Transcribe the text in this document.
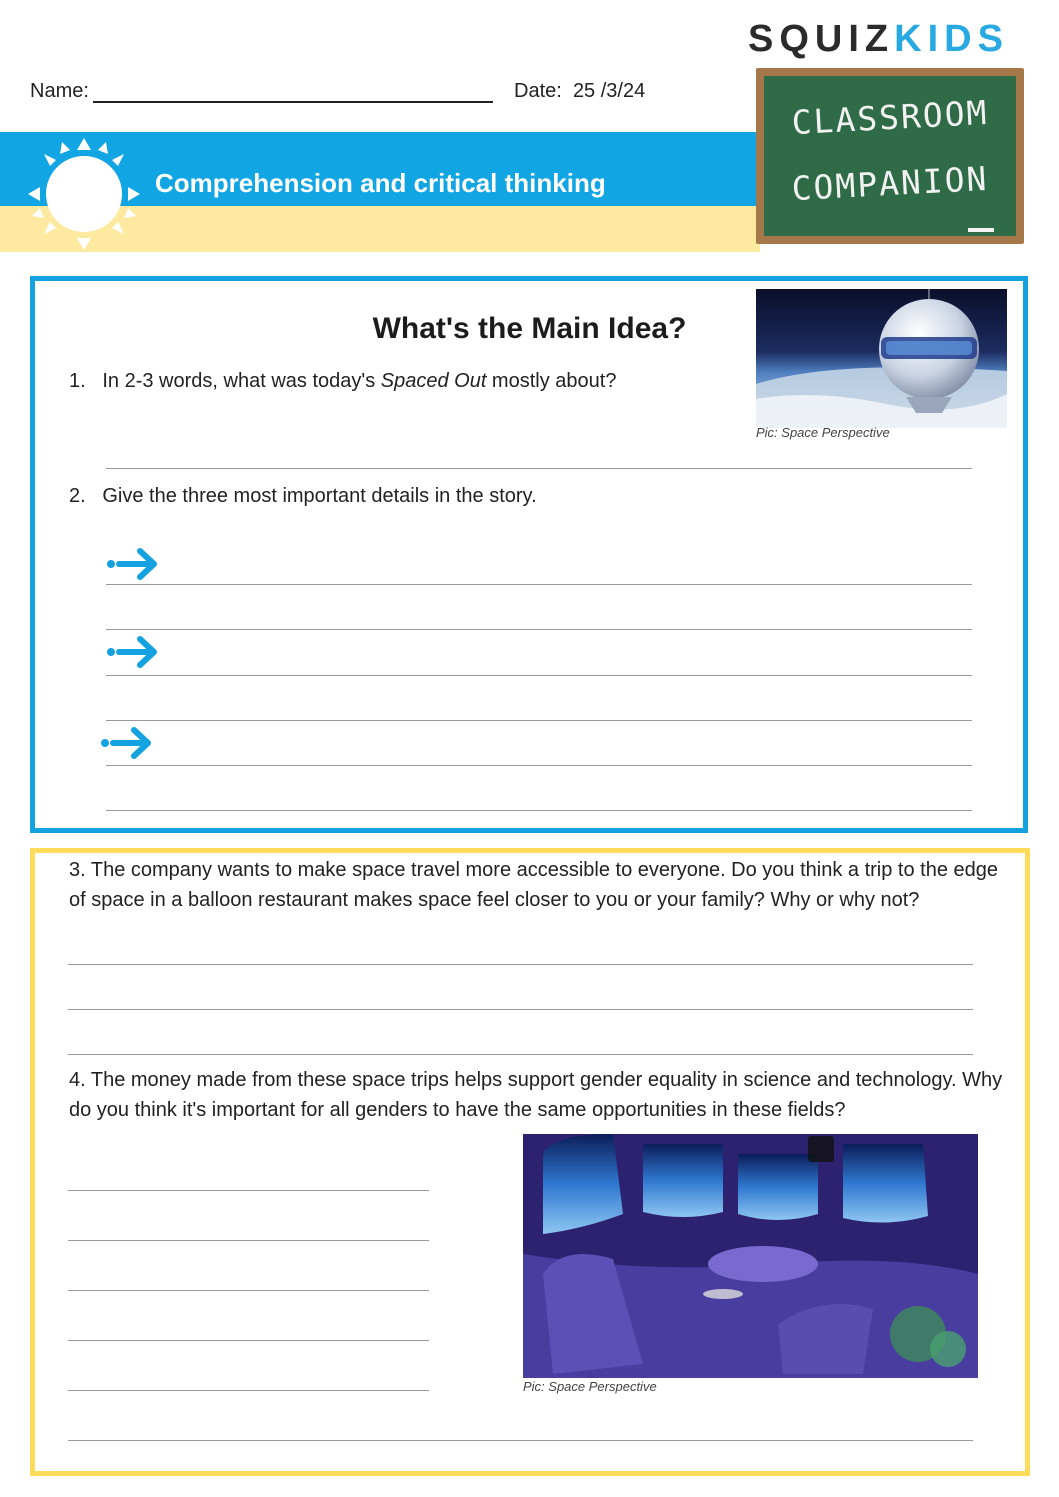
SQUIZKIDS
Name:	Date: 25 /3/24
Comprehension and critical thinking
CLASSROOM
COMPANION
What's the Main Idea?
Pic: Space Perspective
1. In 2-3 words, what was today's Spaced Out mostly about?
2. Give the three most important details in the story.
3. The company wants to make space travel more accessible to everyone. Do you think a trip to the edge of space in a balloon restaurant makes space feel closer to you or your family? Why or why not?
4. The money made from these space trips helps support gender equality in science and technology. Why do you think it's important for all genders to have the same opportunities in these fields?
Pic: Space Perspective
